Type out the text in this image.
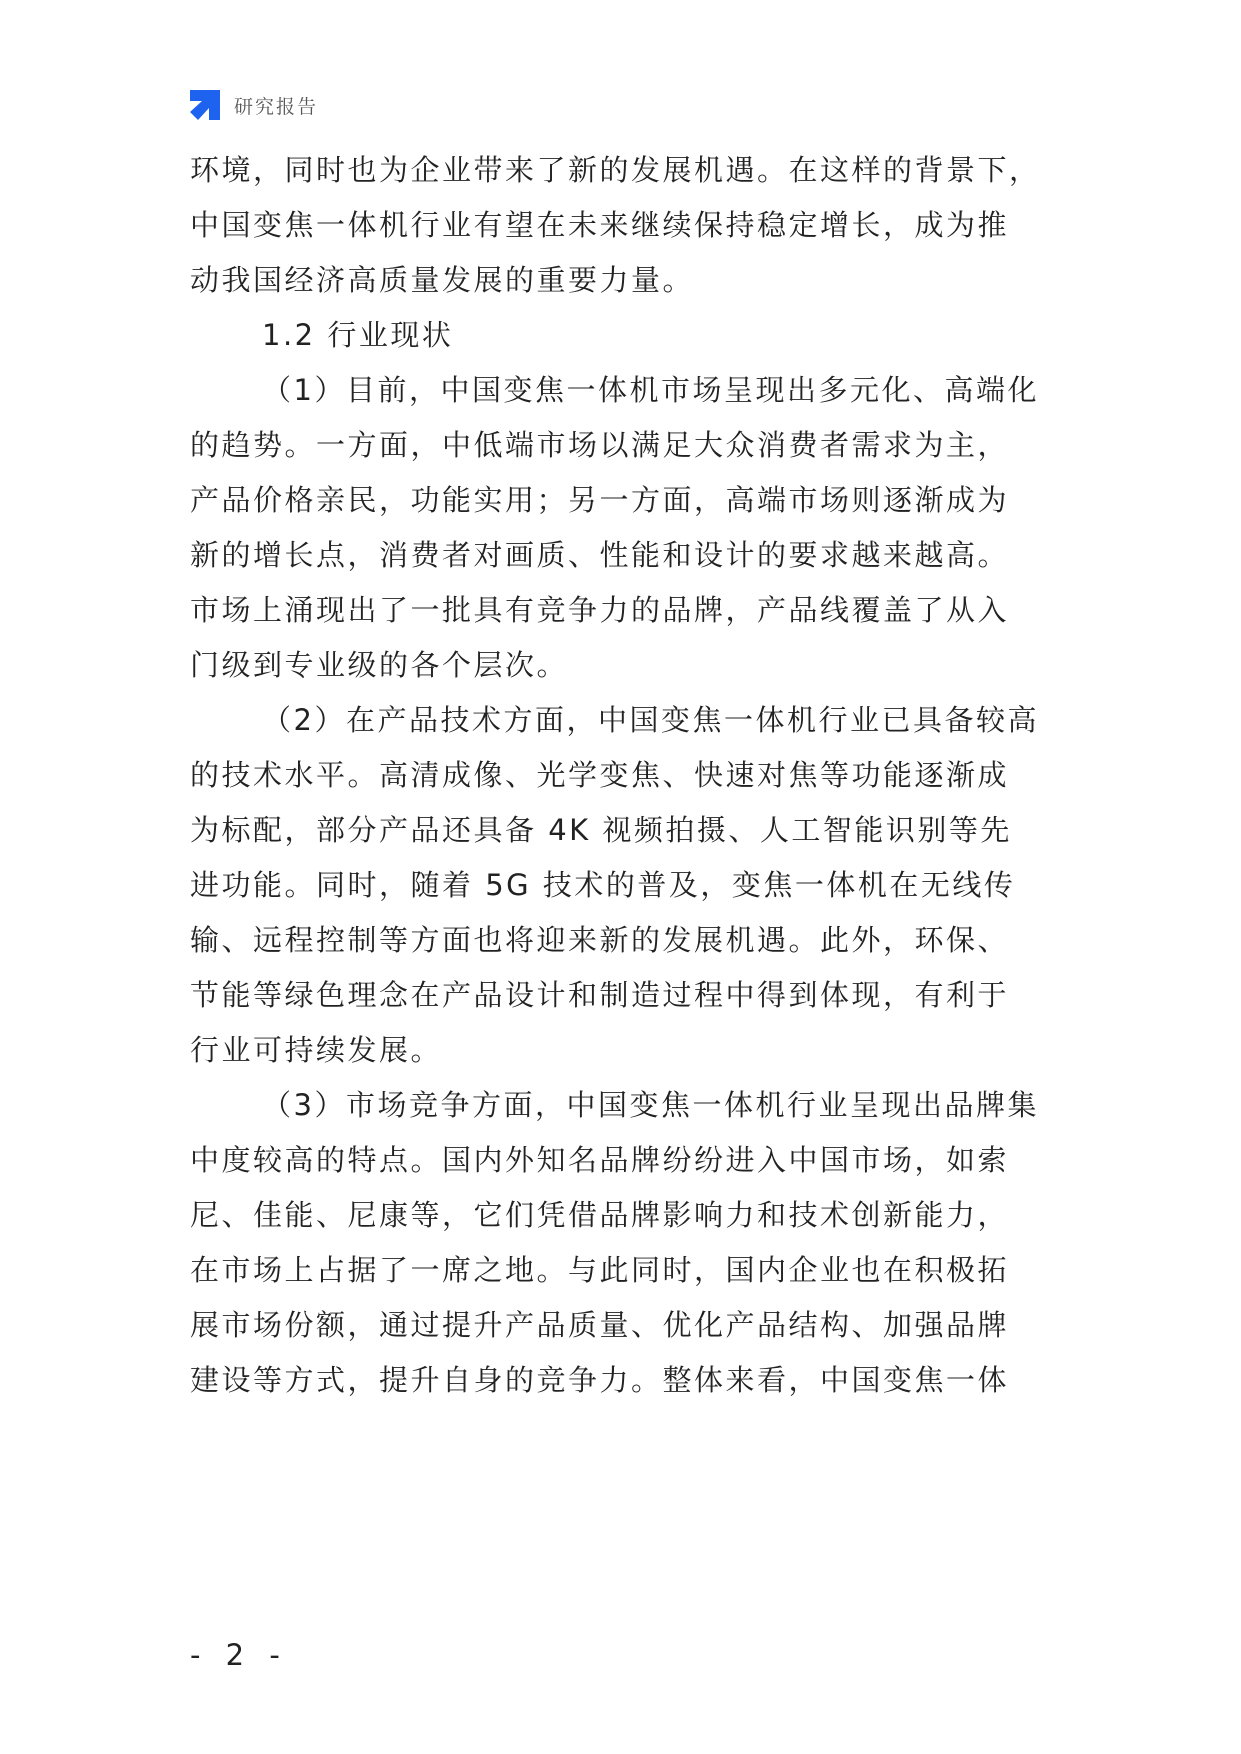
研究报告
环境，同时也为企业带来了新的发展机遇。在这样的背景下，
中国变焦一体机行业有望在未来继续保持稳定增长，成为推
动我国经济高质量发展的重要力量。
1.2 行业现状
（1）目前，中国变焦一体机市场呈现出多元化、高端化
的趋势。一方面，中低端市场以满足大众消费者需求为主，
产品价格亲民，功能实用；另一方面，高端市场则逐渐成为
新的增长点，消费者对画质、性能和设计的要求越来越高。
市场上涌现出了一批具有竞争力的品牌，产品线覆盖了从入
门级到专业级的各个层次。
（2）在产品技术方面，中国变焦一体机行业已具备较高
的技术水平。高清成像、光学变焦、快速对焦等功能逐渐成
为标配，部分产品还具备 4K 视频拍摄、人工智能识别等先
进功能。同时，随着 5G 技术的普及，变焦一体机在无线传
输、远程控制等方面也将迎来新的发展机遇。此外，环保、
节能等绿色理念在产品设计和制造过程中得到体现，有利于
行业可持续发展。
（3）市场竞争方面，中国变焦一体机行业呈现出品牌集
中度较高的特点。国内外知名品牌纷纷进入中国市场，如索
尼、佳能、尼康等，它们凭借品牌影响力和技术创新能力，
在市场上占据了一席之地。与此同时，国内企业也在积极拓
展市场份额，通过提升产品质量、优化产品结构、加强品牌
建设等方式，提升自身的竞争力。整体来看，中国变焦一体
- 2 -
